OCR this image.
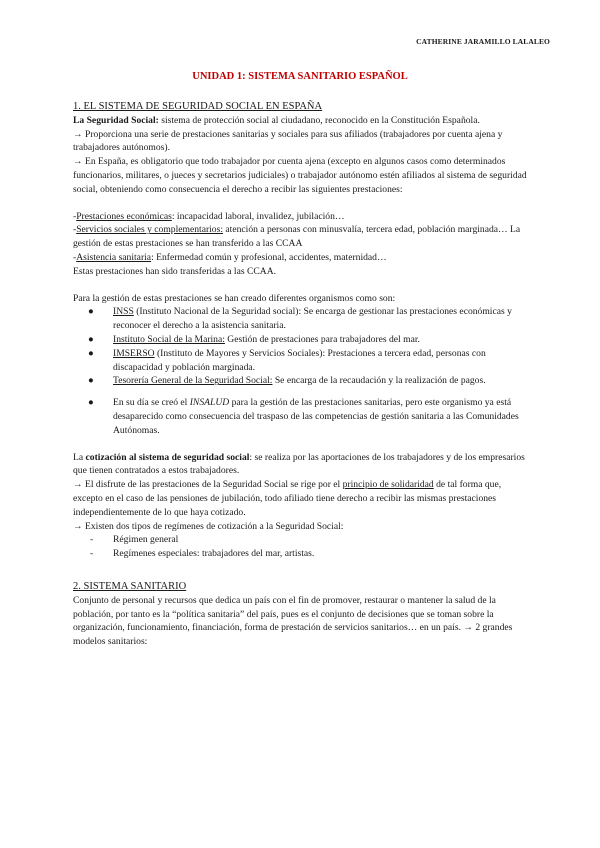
CATHERINE JARAMILLO LALALEO
UNIDAD 1: SISTEMA SANITARIO ESPAÑOL

1. EL SISTEMA DE SEGURIDAD SOCIAL EN ESPAÑA

La Seguridad Social: sistema de protección social al ciudadano, reconocido en la Constitución Española.

→ Proporciona una serie de prestaciones sanitarias y sociales para sus afiliados (trabajadores por cuenta ajena y trabajadores autónomos).

→ En España, es obligatorio que todo trabajador por cuenta ajena (excepto en algunos casos como determinados funcionarios, militares, o jueces y secretarios judiciales) o trabajador autónomo estén afiliados al sistema de seguridad social, obteniendo como consecuencia el derecho a recibir las siguientes prestaciones:

-Prestaciones económicas: incapacidad laboral, invalidez, jubilación…

-Servicios sociales y complementarios: atención a personas con minusvalía, tercera edad, población marginada… La gestión de estas prestaciones se han transferido a las CCAA

-Asistencia sanitaria: Enfermedad común y profesional, accidentes, maternidad…

Estas prestaciones han sido transferidas a las CCAA.

Para la gestión de estas prestaciones se han creado diferentes organismos como son:

● INSS (Instituto Nacional de la Seguridad social): Se encarga de gestionar las prestaciones económicas y reconocer el derecho a la asistencia sanitaria.
● Instituto Social de la Marina: Gestión de prestaciones para trabajadores del mar.
● IMSERSO (Instituto de Mayores y Servicios Sociales): Prestaciones a tercera edad, personas con discapacidad y población marginada.
● Tesorería General de la Seguridad Social: Se encarga de la recaudación y la realización de pagos.
● En su día se creó el INSALUD para la gestión de las prestaciones sanitarias, pero este organismo ya está desaparecido como consecuencia del traspaso de las competencias de gestión sanitaria a las Comunidades Autónomas.

La cotización al sistema de seguridad social: se realiza por las aportaciones de los trabajadores y de los empresarios que tienen contratados a estos trabajadores.

→ El disfrute de las prestaciones de la Seguridad Social se rige por el principio de solidaridad de tal forma que, excepto en el caso de las pensiones de jubilación, todo afiliado tiene derecho a recibir las mismas prestaciones independientemente de lo que haya cotizado.

→ Existen dos tipos de regímenes de cotización a la Seguridad Social:

- Régimen general
- Regímenes especiales: trabajadores del mar, artistas.

2. SISTEMA SANITARIO

Conjunto de personal y recursos que dedica un país con el fin de promover, restaurar o mantener la salud de la población, por tanto es la “política sanitaria” del país, pues es el conjunto de decisiones que se toman sobre la organización, funcionamiento, financiación, forma de prestación de servicios sanitarios… en un país. → 2 grandes modelos sanitarios:
